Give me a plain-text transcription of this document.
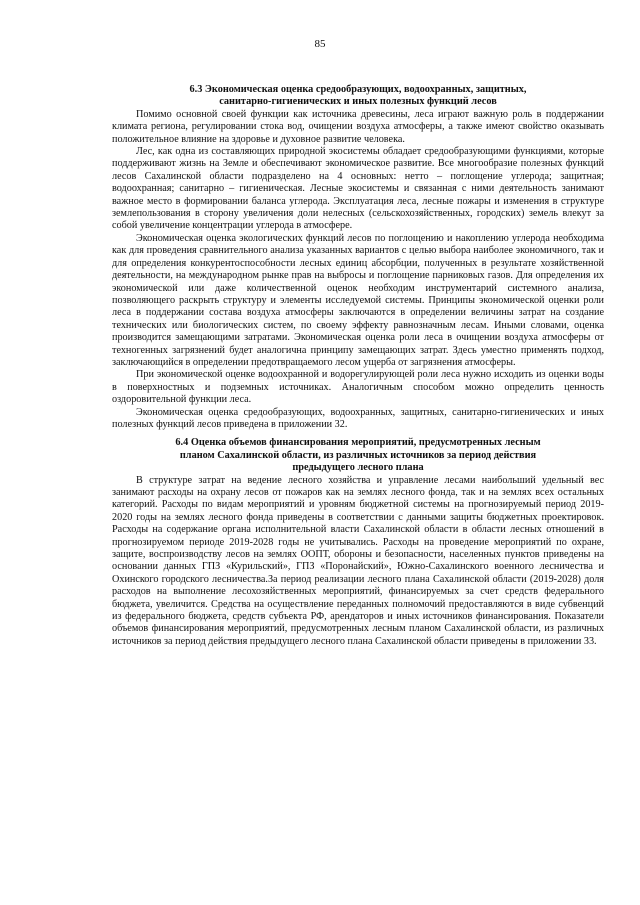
85
6.3 Экономическая оценка средообразующих, водоохранных, защитных,
санитарно-гигиенических и иных полезных функций лесов

Помимо основной своей функции как источника древесины, леса играют важную роль в поддержании климата региона, регулировании стока вод, очищении воздуха атмосферы, а также имеют свойство оказывать положительное влияние на здоровье и духовное развитие человека.

Лес, как одна из составляющих природной экосистемы обладает средообразующими функциями, которые поддерживают жизнь на Земле и обеспечивают экономическое развитие. Все многообразие полезных функций лесов Сахалинской области подразделено на 4 основных: нетто – поглощение углерода; защитная; водоохранная; санитарно – гигиеническая. Лесные экосистемы и связанная с ними деятельность занимают важное место в формировании баланса углерода. Эксплуатация леса, лесные пожары и изменения в структуре землепользования в сторону увеличения доли нелесных (сельскохозяйственных, городских) земель влекут за собой увеличение концентрации углерода в атмосфере.

Экономическая оценка экологических функций лесов по поглощению и накоплению углерода необходима как для проведения сравнительного анализа указанных вариантов с целью выбора наиболее экономичного, так и для определения конкурентоспособности лесных единиц абсорбции, полученных в результате хозяйственной деятельности, на международном рынке прав на выбросы и поглощение парниковых газов. Для определения их экономической или даже количественной оценок необходим инструментарий системного анализа, позволяющего раскрыть структуру и элементы исследуемой системы. Принципы экономической оценки роли леса в поддержании состава воздуха атмосферы заключаются в определении величины затрат на создание технических или биологических систем, по своему эффекту равнозначным лесам. Иными словами, оценка производится замещающими затратами. Экономическая оценка роли леса в очищении воздуха атмосферы от техногенных загрязнений будет аналогична принципу замещающих затрат. Здесь уместно применять подход, заключающийся в определении предотвращаемого лесом ущерба от загрязнения атмосферы.

При экономической оценке водоохранной и водорегулирующей роли леса нужно исходить из оценки воды в поверхностных и подземных источниках. Аналогичным способом можно определить ценность оздоровительной функции леса.

Экономическая оценка средообразующих, водоохранных, защитных, санитарно-гигиенических и иных полезных функций лесов приведена в приложении 32.

6.4 Оценка объемов финансирования мероприятий, предусмотренных лесным
планом Сахалинской области, из различных источников за период действия
предыдущего лесного плана

В структуре затрат на ведение лесного хозяйства и управление лесами наибольший удельный вес занимают расходы на охрану лесов от пожаров как на землях лесного фонда, так и на землях всех остальных категорий. Расходы по видам мероприятий и уровням бюджетной системы на прогнозируемый период 2019-2020 годы на землях лесного фонда приведены в соответствии с данными защиты бюджетных проектировок. Расходы на содержание органа исполнительной власти Сахалинской области в области лесных отношений в прогнозируемом периоде 2019-2028 годы не учитывались. Расходы на проведение мероприятий по охране, защите, воспроизводству лесов на землях ООПТ, обороны и безопасности, населенных пунктов приведены на основании данных ГПЗ «Курильский», ГПЗ «Поронайский», Южно-Сахалинского военного лесничества и Охинского городского лесничества.За период реализации лесного плана Сахалинской области (2019-2028) доля расходов на выполнение лесохозяйственных мероприятий, финансируемых за счет средств федерального бюджета, увеличится. Средства на осуществление переданных полномочий предоставляются в виде субвенций из федерального бюджета, средств субъекта РФ, арендаторов и иных источников финансирования. Показатели объемов финансирования мероприятий, предусмотренных лесным планом Сахалинской области, из различных источников за период действия предыдущего лесного плана Сахалинской области приведены в приложении 33.
